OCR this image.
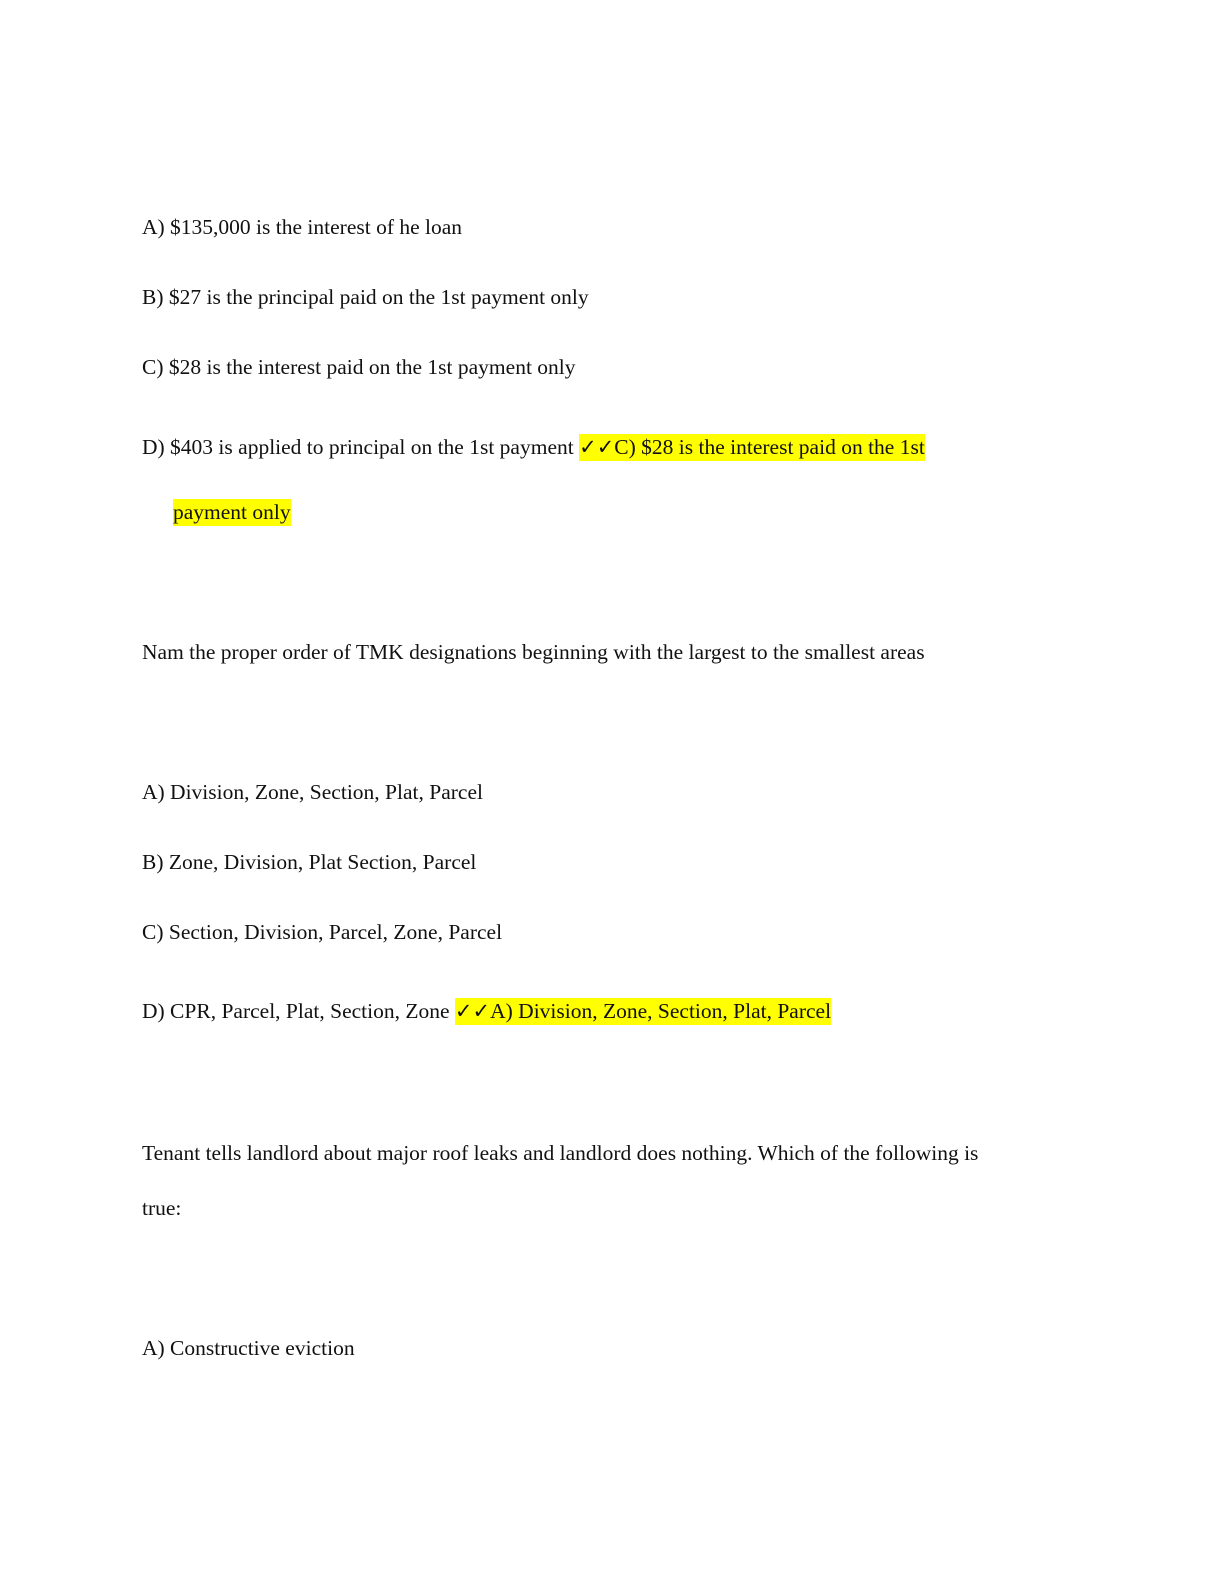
A) $135,000 is the interest of he loan
B) $27 is the principal paid on the 1st payment only
C) $28 is the interest paid on the 1st payment only
D) $403 is applied to principal on the 1st payment ✓✓C) $28 is the interest paid on the 1st
payment only
Nam the proper order of TMK designations beginning with the largest to the smallest areas
A) Division, Zone, Section, Plat, Parcel
B) Zone, Division, Plat Section, Parcel
C) Section, Division, Parcel, Zone, Parcel
D) CPR, Parcel, Plat, Section, Zone ✓✓A) Division, Zone, Section, Plat, Parcel
Tenant tells landlord about major roof leaks and landlord does nothing. Which of the following is
true:
A) Constructive eviction
